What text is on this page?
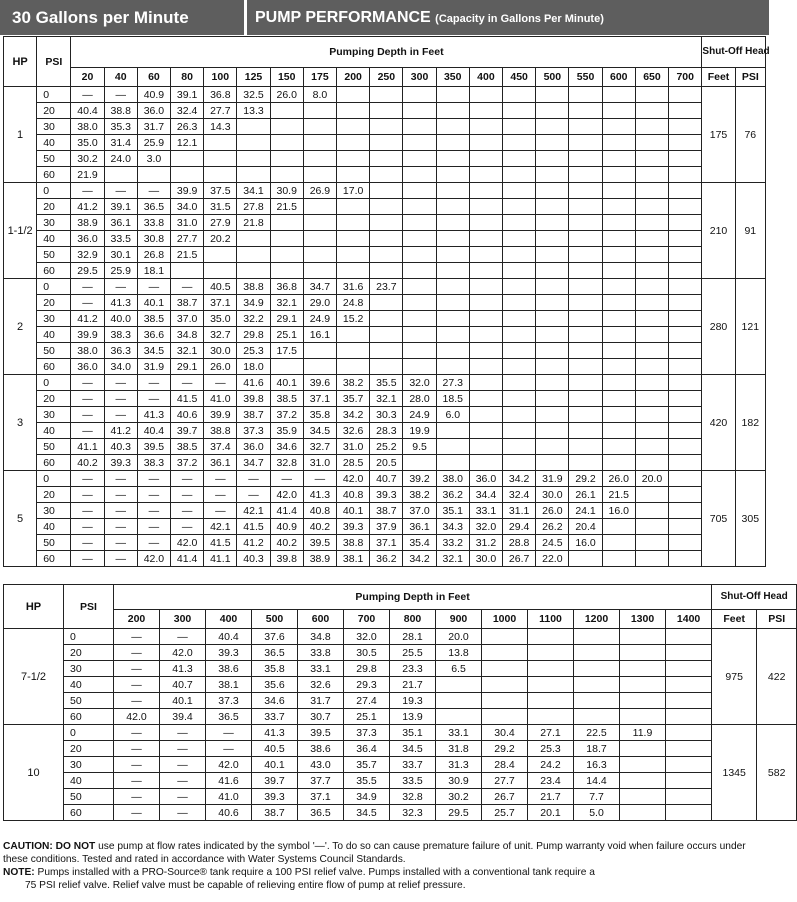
30 Gallons per Minute	PUMP PERFORMANCE (Capacity in Gallons Per Minute)
HP	PSI	Pumping Depth in Feet																			Shut-Off Head	
		20	40	60	80	100	125	150	175	200	250	300	350	400	450	500	550	600	650	700	Feet	PSI
1	0	—	—	40.9	39.1	36.8	32.5	26.0	8.0												175	76
	20	40.4	38.8	36.0	32.4	27.7	13.3															
	30	38.0	35.3	31.7	26.3	14.3																
	40	35.0	31.4	25.9	12.1																	
	50	30.2	24.0	3.0																		
	60	21.9																				
1-1/2	0	—	—	—	39.9	37.5	34.1	30.9	26.9	17.0											210	91
	20	41.2	39.1	36.5	34.0	31.5	27.8	21.5														
	30	38.9	36.1	33.8	31.0	27.9	21.8															
	40	36.0	33.5	30.8	27.7	20.2																
	50	32.9	30.1	26.8	21.5																	
	60	29.5	25.9	18.1																		
2	0	—	—	—	—	40.5	38.8	36.8	34.7	31.6	23.7										280	121
	20	—	41.3	40.1	38.7	37.1	34.9	32.1	29.0	24.8												
	30	41.2	40.0	38.5	37.0	35.0	32.2	29.1	24.9	15.2												
	40	39.9	38.3	36.6	34.8	32.7	29.8	25.1	16.1													
	50	38.0	36.3	34.5	32.1	30.0	25.3	17.5														
	60	36.0	34.0	31.9	29.1	26.0	18.0															
3	0	—	—	—	—	—	41.6	40.1	39.6	38.2	35.5	32.0	27.3								420	182
	20	—	—	—	41.5	41.0	39.8	38.5	37.1	35.7	32.1	28.0	18.5									
	30	—	—	41.3	40.6	39.9	38.7	37.2	35.8	34.2	30.3	24.9	6.0									
	40	—	41.2	40.4	39.7	38.8	37.3	35.9	34.5	32.6	28.3	19.9										
	50	41.1	40.3	39.5	38.5	37.4	36.0	34.6	32.7	31.0	25.2	9.5										
	60	40.2	39.3	38.3	37.2	36.1	34.7	32.8	31.0	28.5	20.5											
5	0	—	—	—	—	—	—	—	—	42.0	40.7	39.2	38.0	36.0	34.2	31.9	29.2	26.0	20.0		705	305
	20	—	—	—	—	—	—	42.0	41.3	40.8	39.3	38.2	36.2	34.4	32.4	30.0	26.1	21.5				
	30	—	—	—	—	—	42.1	41.4	40.8	40.1	38.7	37.0	35.1	33.1	31.1	26.0	24.1	16.0				
	40	—	—	—	—	42.1	41.5	40.9	40.2	39.3	37.9	36.1	34.3	32.0	29.4	26.2	20.4					
	50	—	—	—	42.0	41.5	41.2	40.2	39.5	38.8	37.1	35.4	33.2	31.2	28.8	24.5	16.0					
	60	—	—	42.0	41.4	41.1	40.3	39.8	38.9	38.1	36.2	34.2	32.1	30.0	26.7	22.0						
HP	PSI	Pumping Depth in Feet													Shut-Off Head	
		200	300	400	500	600	700	800	900	1000	1100	1200	1300	1400	Feet	PSI
7-1/2	0	—	—	40.4	37.6	34.8	32.0	28.1	20.0						975	422
	20	—	42.0	39.3	36.5	33.8	30.5	25.5	13.8							
	30	—	41.3	38.6	35.8	33.1	29.8	23.3	6.5							
	40	—	40.7	38.1	35.6	32.6	29.3	21.7								
	50	—	40.1	37.3	34.6	31.7	27.4	19.3								
	60	42.0	39.4	36.5	33.7	30.7	25.1	13.9								
10	0	—	—	—	41.3	39.5	37.3	35.1	33.1	30.4	27.1	22.5	11.9		1345	582
	20	—	—	—	40.5	38.6	36.4	34.5	31.8	29.2	25.3	18.7				
	30	—	—	42.0	40.1	43.0	35.7	33.7	31.3	28.4	24.2	16.3				
	40	—	—	41.6	39.7	37.7	35.5	33.5	30.9	27.7	23.4	14.4				
	50	—	—	41.0	39.3	37.1	34.9	32.8	30.2	26.7	21.7	7.7				
	60	—	—	40.6	38.7	36.5	34.5	32.3	29.5	25.7	20.1	5.0				

CAUTION: DO NOT use pump at flow rates indicated by the symbol '—'. To do so can cause premature failure of unit. Pump warranty void when failure occurs under these conditions. Tested and rated in accordance with Water Systems Council Standards.

NOTE: Pumps installed with a PRO-Source® tank require a 100 PSI relief valve. Pumps installed with a conventional tank require a

75 PSI relief valve. Relief valve must be capable of relieving entire flow of pump at relief pressure.
